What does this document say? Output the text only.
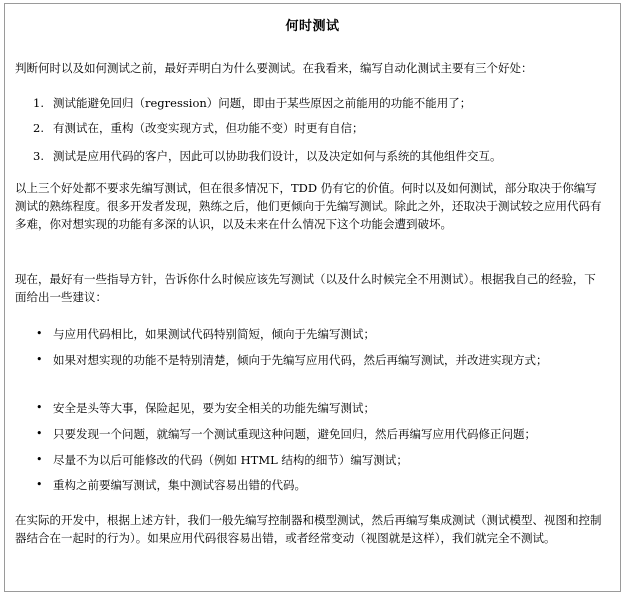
何时测试

判断何时以及如何测试之前，最好弄明白为什么要测试。在我看来，编写自动化测试主要有三个好处：

1. 测试能避免回归（regression）问题，即由于某些原因之前能用的功能不能用了；

2. 有测试在，重构（改变实现方式，但功能不变）时更有自信；

3. 测试是应用代码的客户，因此可以协助我们设计，以及决定如何与系统的其他组件交互。

以上三个好处都不要求先编写测试，但在很多情况下，TDD 仍有它的价值。何时以及如何测试，部分取决于你编写测试的熟练程度。很多开发者发现，熟练之后，他们更倾向于先编写测试。除此之外，还取决于测试较之应用代码有多难，你对想实现的功能有多深的认识，以及未来在什么情况下这个功能会遭到破坏。

现在，最好有一些指导方针，告诉你什么时候应该先写测试（以及什么时候完全不用测试）。根据我自己的经验，下面给出一些建议：

• 与应用代码相比，如果测试代码特别简短，倾向于先编写测试；

• 如果对想实现的功能不是特别清楚，倾向于先编写应用代码，然后再编写测试，并改进实现方式；

• 安全是头等大事，保险起见，要为安全相关的功能先编写测试；

• 只要发现一个问题，就编写一个测试重现这种问题，避免回归，然后再编写应用代码修正问题；

• 尽量不为以后可能修改的代码（例如 HTML 结构的细节）编写测试；

• 重构之前要编写测试，集中测试容易出错的代码。

在实际的开发中，根据上述方针，我们一般先编写控制器和模型测试，然后再编写集成测试（测试模型、视图和控制器结合在一起时的行为）。如果应用代码很容易出错，或者经常变动（视图就是这样），我们就完全不测试。
